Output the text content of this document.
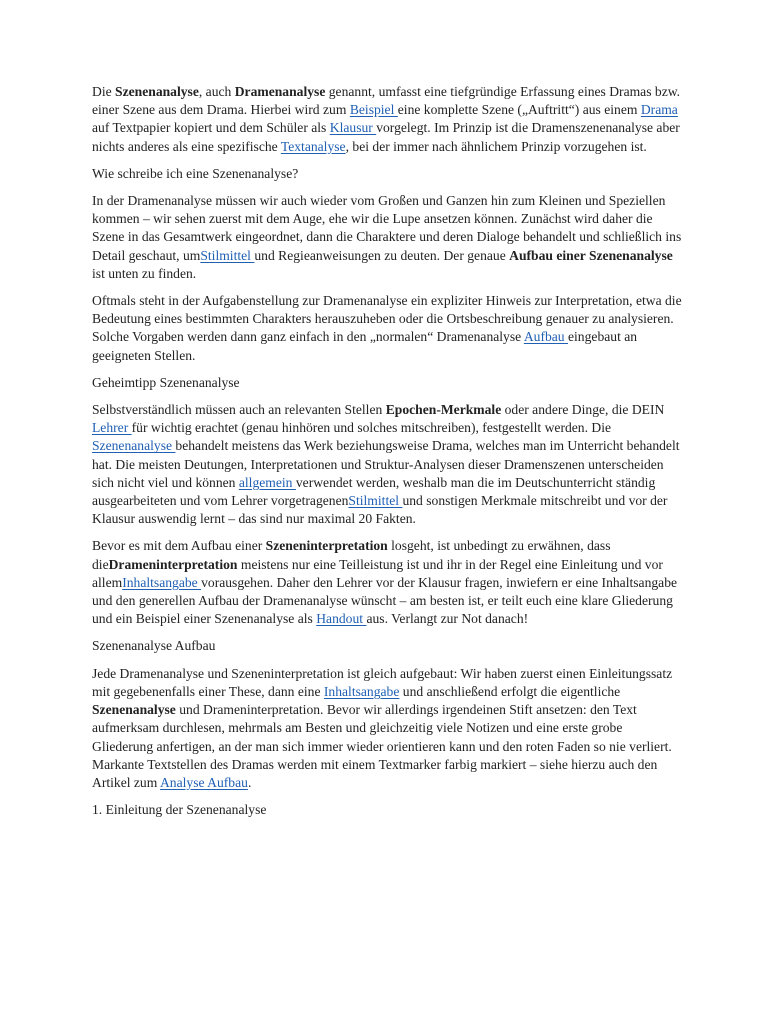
Die Szenenanalyse, auch Dramenanalyse genannt, umfasst eine tiefgründige Erfassung eines Dramas bzw. einer Szene aus dem Drama. Hierbei wird zum Beispiel eine komplette Szene („Auftritt“) aus einem Drama auf Textpapier kopiert und dem Schüler als Klausur vorgelegt. Im Prinzip ist die Dramenszenenanalyse aber nichts anderes als eine spezifische Textanalyse, bei der immer nach ähnlichem Prinzip vorzugehen ist.

Wie schreibe ich eine Szenenanalyse?

In der Dramenanalyse müssen wir auch wieder vom Großen und Ganzen hin zum Kleinen und Speziellen kommen – wir sehen zuerst mit dem Auge, ehe wir die Lupe ansetzen können. Zunächst wird daher die Szene in das Gesamtwerk eingeordnet, dann die Charaktere und deren Dialoge behandelt und schließlich ins Detail geschaut, umStilmittel und Regieanweisungen zu deuten. Der genaue Aufbau einer Szenenanalyse ist unten zu finden.

Oftmals steht in der Aufgabenstellung zur Dramenanalyse ein expliziter Hinweis zur Interpretation, etwa die Bedeutung eines bestimmten Charakters herauszuheben oder die Ortsbeschreibung genauer zu analysieren. Solche Vorgaben werden dann ganz einfach in den „normalen“ Dramenanalyse Aufbau eingebaut an geeigneten Stellen.

Geheimtipp Szenenanalyse

Selbstverständlich müssen auch an relevanten Stellen Epochen-Merkmale oder andere Dinge, die DEIN Lehrer für wichtig erachtet (genau hinhören und solches mitschreiben), festgestellt werden. Die Szenenanalyse behandelt meistens das Werk beziehungsweise Drama, welches man im Unterricht behandelt hat. Die meisten Deutungen, Interpretationen und Struktur-Analysen dieser Dramenszenen unterscheiden sich nicht viel und können allgemein verwendet werden, weshalb man die im Deutschunterricht ständig ausgearbeiteten und vom Lehrer vorgetragenenStilmittel und sonstigen Merkmale mitschreibt und vor der Klausur auswendig lernt – das sind nur maximal 20 Fakten.

Bevor es mit dem Aufbau einer Szeneninterpretation losgeht, ist unbedingt zu erwähnen, dass dieDrameninterpretation meistens nur eine Teilleistung ist und ihr in der Regel eine Einleitung und vor allemInhaltsangabe vorausgehen. Daher den Lehrer vor der Klausur fragen, inwiefern er eine Inhaltsangabe und den generellen Aufbau der Dramenanalyse wünscht – am besten ist, er teilt euch eine klare Gliederung und ein Beispiel einer Szenenanalyse als Handout aus. Verlangt zur Not danach!

Szenenanalyse Aufbau

Jede Dramenanalyse und Szeneninterpretation ist gleich aufgebaut: Wir haben zuerst einen Einleitungssatz mit gegebenenfalls einer These, dann eine Inhaltsangabe und anschließend erfolgt die eigentliche Szenenanalyse und Drameninterpretation. Bevor wir allerdings irgendeinen Stift ansetzen: den Text aufmerksam durchlesen, mehrmals am Besten und gleichzeitig viele Notizen und eine erste grobe Gliederung anfertigen, an der man sich immer wieder orientieren kann und den roten Faden so nie verliert. Markante Textstellen des Dramas werden mit einem Textmarker farbig markiert – siehe hierzu auch den Artikel zum Analyse Aufbau.

1. Einleitung der Szenenanalyse
